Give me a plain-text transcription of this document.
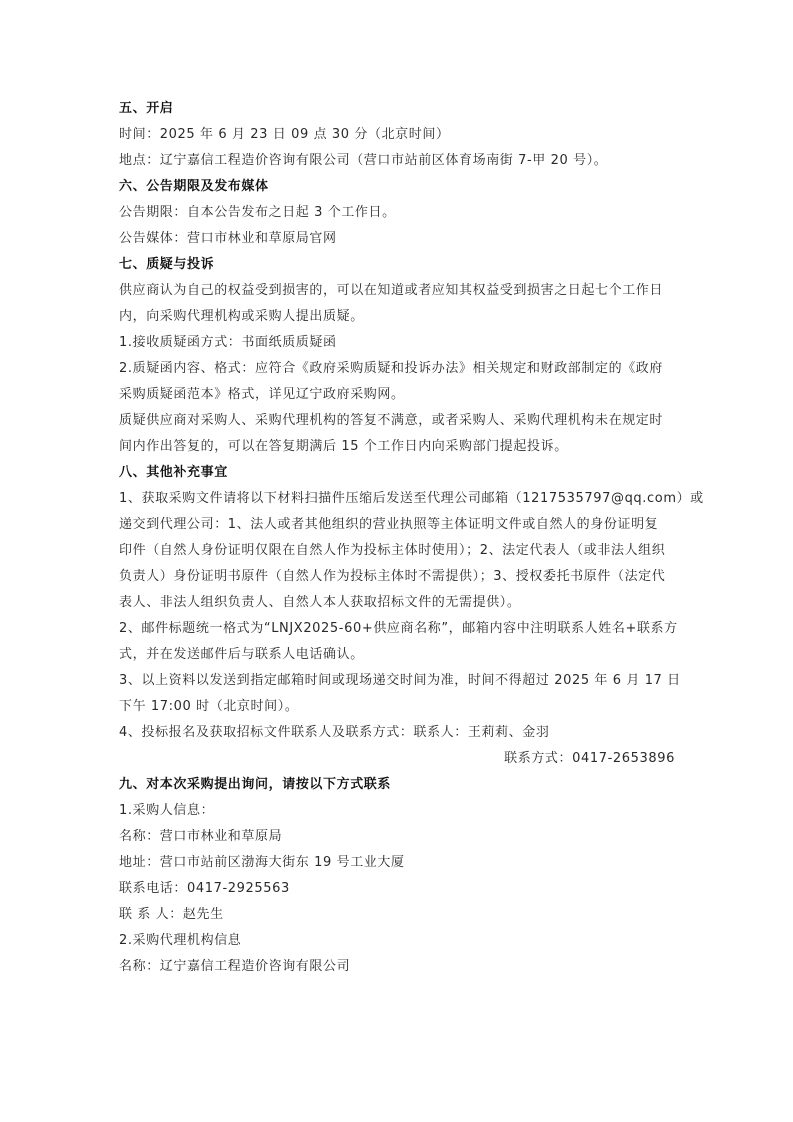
五、开启
时间：2025 年 6 月 23 日 09 点 30 分（北京时间）
地点：辽宁嘉信工程造价咨询有限公司（营口市站前区体育场南街 7-甲 20 号）。
六、公告期限及发布媒体
公告期限：自本公告发布之日起 3 个工作日。
公告媒体：营口市林业和草原局官网
七、质疑与投诉
供应商认为自己的权益受到损害的，可以在知道或者应知其权益受到损害之日起七个工作日
内，向采购代理机构或采购人提出质疑。
1.接收质疑函方式：书面纸质质疑函
2.质疑函内容、格式：应符合《政府采购质疑和投诉办法》相关规定和财政部制定的《政府
采购质疑函范本》格式，详见辽宁政府采购网。
质疑供应商对采购人、采购代理机构的答复不满意，或者采购人、采购代理机构未在规定时
间内作出答复的，可以在答复期满后 15 个工作日内向采购部门提起投诉。
八、其他补充事宜
1、获取采购文件请将以下材料扫描件压缩后发送至代理公司邮箱（1217535797@qq.com）或
递交到代理公司：1、法人或者其他组织的营业执照等主体证明文件或自然人的身份证明复
印件（自然人身份证明仅限在自然人作为投标主体时使用）；2、法定代表人（或非法人组织
负责人）身份证明书原件（自然人作为投标主体时不需提供）；3、授权委托书原件（法定代
表人、非法人组织负责人、自然人本人获取招标文件的无需提供）。
2、邮件标题统一格式为“LNJX2025-60+供应商名称”，邮箱内容中注明联系人姓名+联系方
式，并在发送邮件后与联系人电话确认。
3、以上资料以发送到指定邮箱时间或现场递交时间为准，时间不得超过 2025 年 6 月 17 日
下午 17:00 时（北京时间）。
4、投标报名及获取招标文件联系人及联系方式：联系人：王莉莉、金羽
联系方式：0417-2653896
九、对本次采购提出询问，请按以下方式联系
1.采购人信息：
名称：营口市林业和草原局
地址：营口市站前区渤海大街东 19 号工业大厦
联系电话：0417-2925563
联 系 人：赵先生
2.采购代理机构信息
名称：辽宁嘉信工程造价咨询有限公司
